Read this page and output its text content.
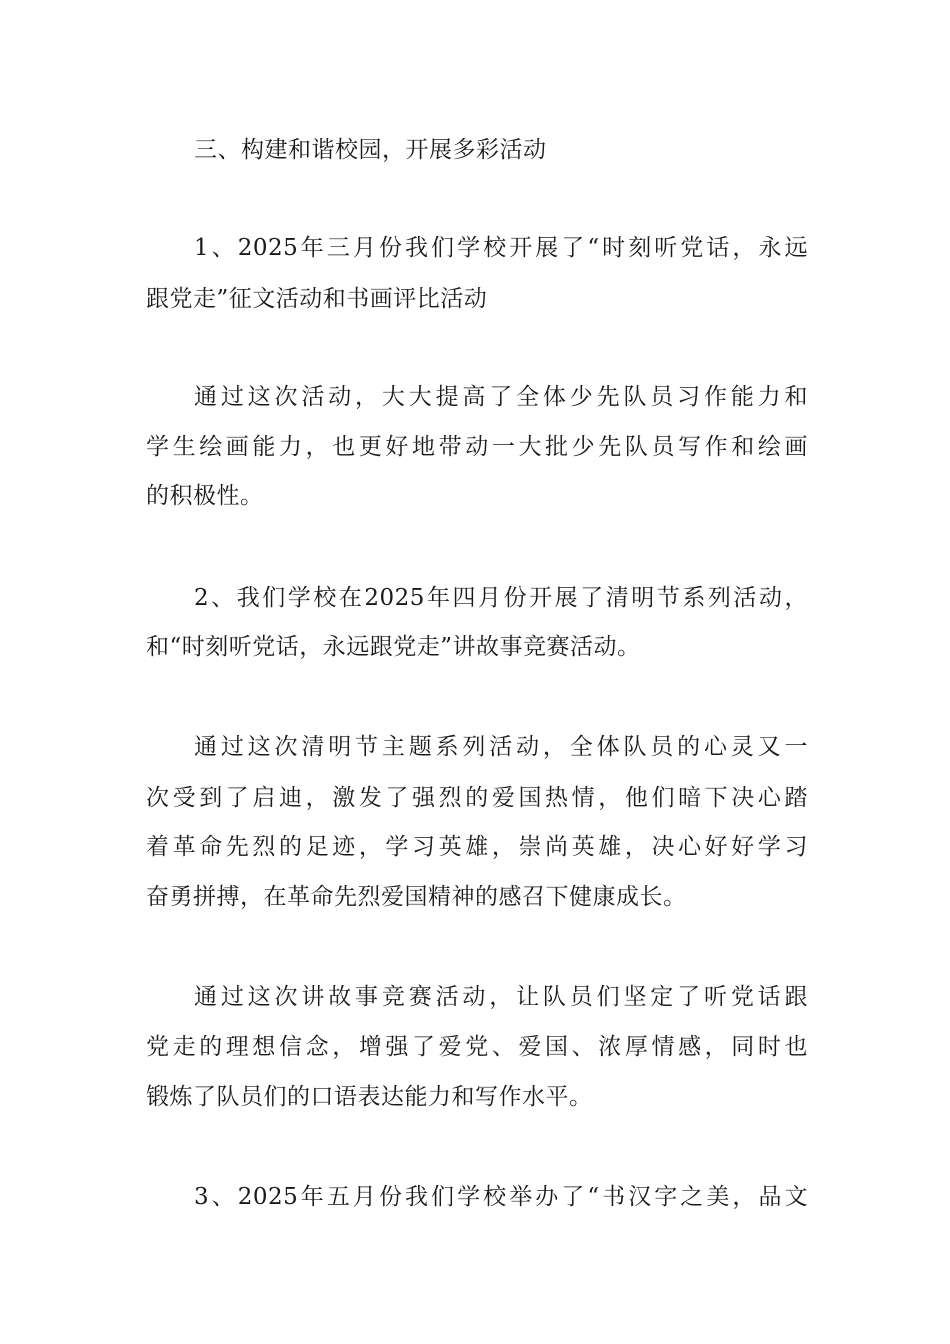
三、构建和谐校园，开展多彩活动

1、2025年三月份我们学校开展了“时刻听党话，永远

跟党走”征文活动和书画评比活动

通过这次活动，大大提高了全体少先队员习作能力和

学生绘画能力，也更好地带动一大批少先队员写作和绘画

的积极性。

2、我们学校在2025年四月份开展了清明节系列活动，

和“时刻听党话，永远跟党走”讲故事竞赛活动。

通过这次清明节主题系列活动，全体队员的心灵又一

次受到了启迪，激发了强烈的爱国热情，他们暗下决心踏

着革命先烈的足迹，学习英雄，崇尚英雄，决心好好学习

奋勇拼搏，在革命先烈爱国精神的感召下健康成长。

通过这次讲故事竞赛活动，让队员们坚定了听党话跟

党走的理想信念，增强了爱党、爱国、浓厚情感，同时也

锻炼了队员们的口语表达能力和写作水平。

3、2025年五月份我们学校举办了“书汉字之美，品文
